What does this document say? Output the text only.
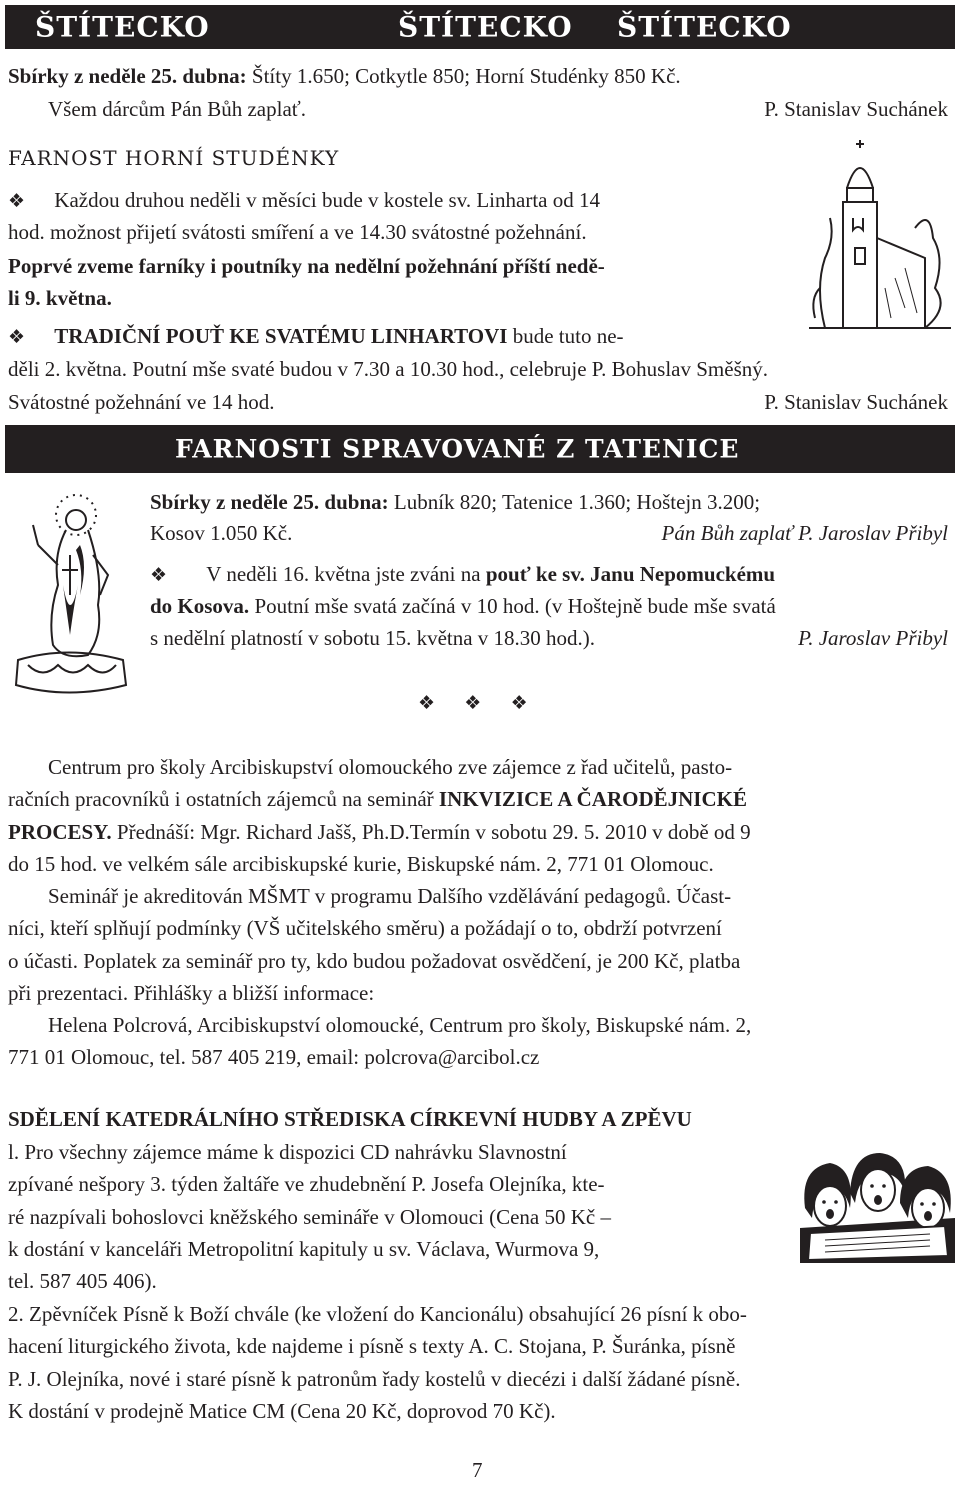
ŠTÍTECKO	ŠTÍTECKO ŠTÍTECKO
Sbírky z neděle 25. dubna: Štíty 1.650; Cotkytle 850; Horní Studénky 850 Kč.
Všem dárcům Pán Bůh zaplať.	P. Stanislav Suchánek
FARNOST HORNÍ STUDÉNKY
❖ Každou druhou neděli v měsíci bude v kostele sv. Linharta od 14
hod. možnost přijetí svátosti smíření a ve 14.30 svátostné požehnání.
Poprvé zveme farníky i poutníky na nedělní požehnání příští nedě-
li 9. května.
❖ TRADIČNÍ POUŤ KE SVATÉMU LINHARTOVI bude tuto ne-
děli 2. května. Poutní mše svaté budou v 7.30 a 10.30 hod., celebruje P. Bohuslav Směšný.
Svátostné požehnání ve 14 hod.	P. Stanislav Suchánek
FARNOSTI SPRAVOVANÉ Z TATENICE
Sbírky z neděle 25. dubna: Lubník 820; Tatenice 1.360; Hoštejn 3.200;
Kosov 1.050 Kč.	Pán Bůh zaplať P. Jaroslav Přibyl
❖ V neděli 16. května jste zváni na pouť ke sv. Janu Nepomuckému
do Kosova. Poutní mše svatá začíná v 10 hod. (v Hoštejně bude mše svatá
s nedělní platností v sobotu 15. května v 18.30 hod.).	P. Jaroslav Přibyl
❖ ❖ ❖
Centrum pro školy Arcibiskupství olomouckého zve zájemce z řad učitelů, pasto-
račních pracovníků i ostatních zájemců na seminář INKVIZICE A ČARODĚJNICKÉ
PROCESY. Přednáší: Mgr. Richard Jašš, Ph.D.Termín v sobotu 29. 5. 2010 v době od 9
do 15 hod. ve velkém sále arcibiskupské kurie, Biskupské nám. 2, 771 01 Olomouc.
Seminář je akreditován MŠMT v programu Dalšího vzdělávání pedagogů. Účast-
níci, kteří splňují podmínky (VŠ učitelského směru) a požádají o to, obdrží potvrzení
o účasti. Poplatek za seminář pro ty, kdo budou požadovat osvědčení, je 200 Kč, platba
při prezentaci. Přihlášky a bližší informace:
Helena Polcrová, Arcibiskupství olomoucké, Centrum pro školy, Biskupské nám. 2,
771 01 Olomouc, tel. 587 405 219, email: polcrova@arcibol.cz
SDĚLENÍ KATEDRÁLNÍHO STŘEDISKA CÍRKEVNÍ HUDBY A ZPĚVU
l. Pro všechny zájemce máme k dispozici CD nahrávku Slavnostní
zpívané nešpory 3. týden žaltáře ve zhudebnění P. Josefa Olejníka, kte-
ré nazpívali bohoslovci kněžského semináře v Olomouci (Cena 50 Kč –
k dostání v kanceláři Metropolitní kapituly u sv. Václava, Wurmova 9,
tel. 587 405 406).
2. Zpěvníček Písně k Boží chvále (ke vložení do Kancionálu) obsahující 26 písní k obo-
hacení liturgického života, kde najdeme i písně s texty A. C. Stojana, P. Šuránka, písně
P. J. Olejníka, nové i staré písně k patronům řady kostelů v diecézi i další žádané písně.
K dostání v prodejně Matice CM (Cena 20 Kč, doprovod 70 Kč).
7
